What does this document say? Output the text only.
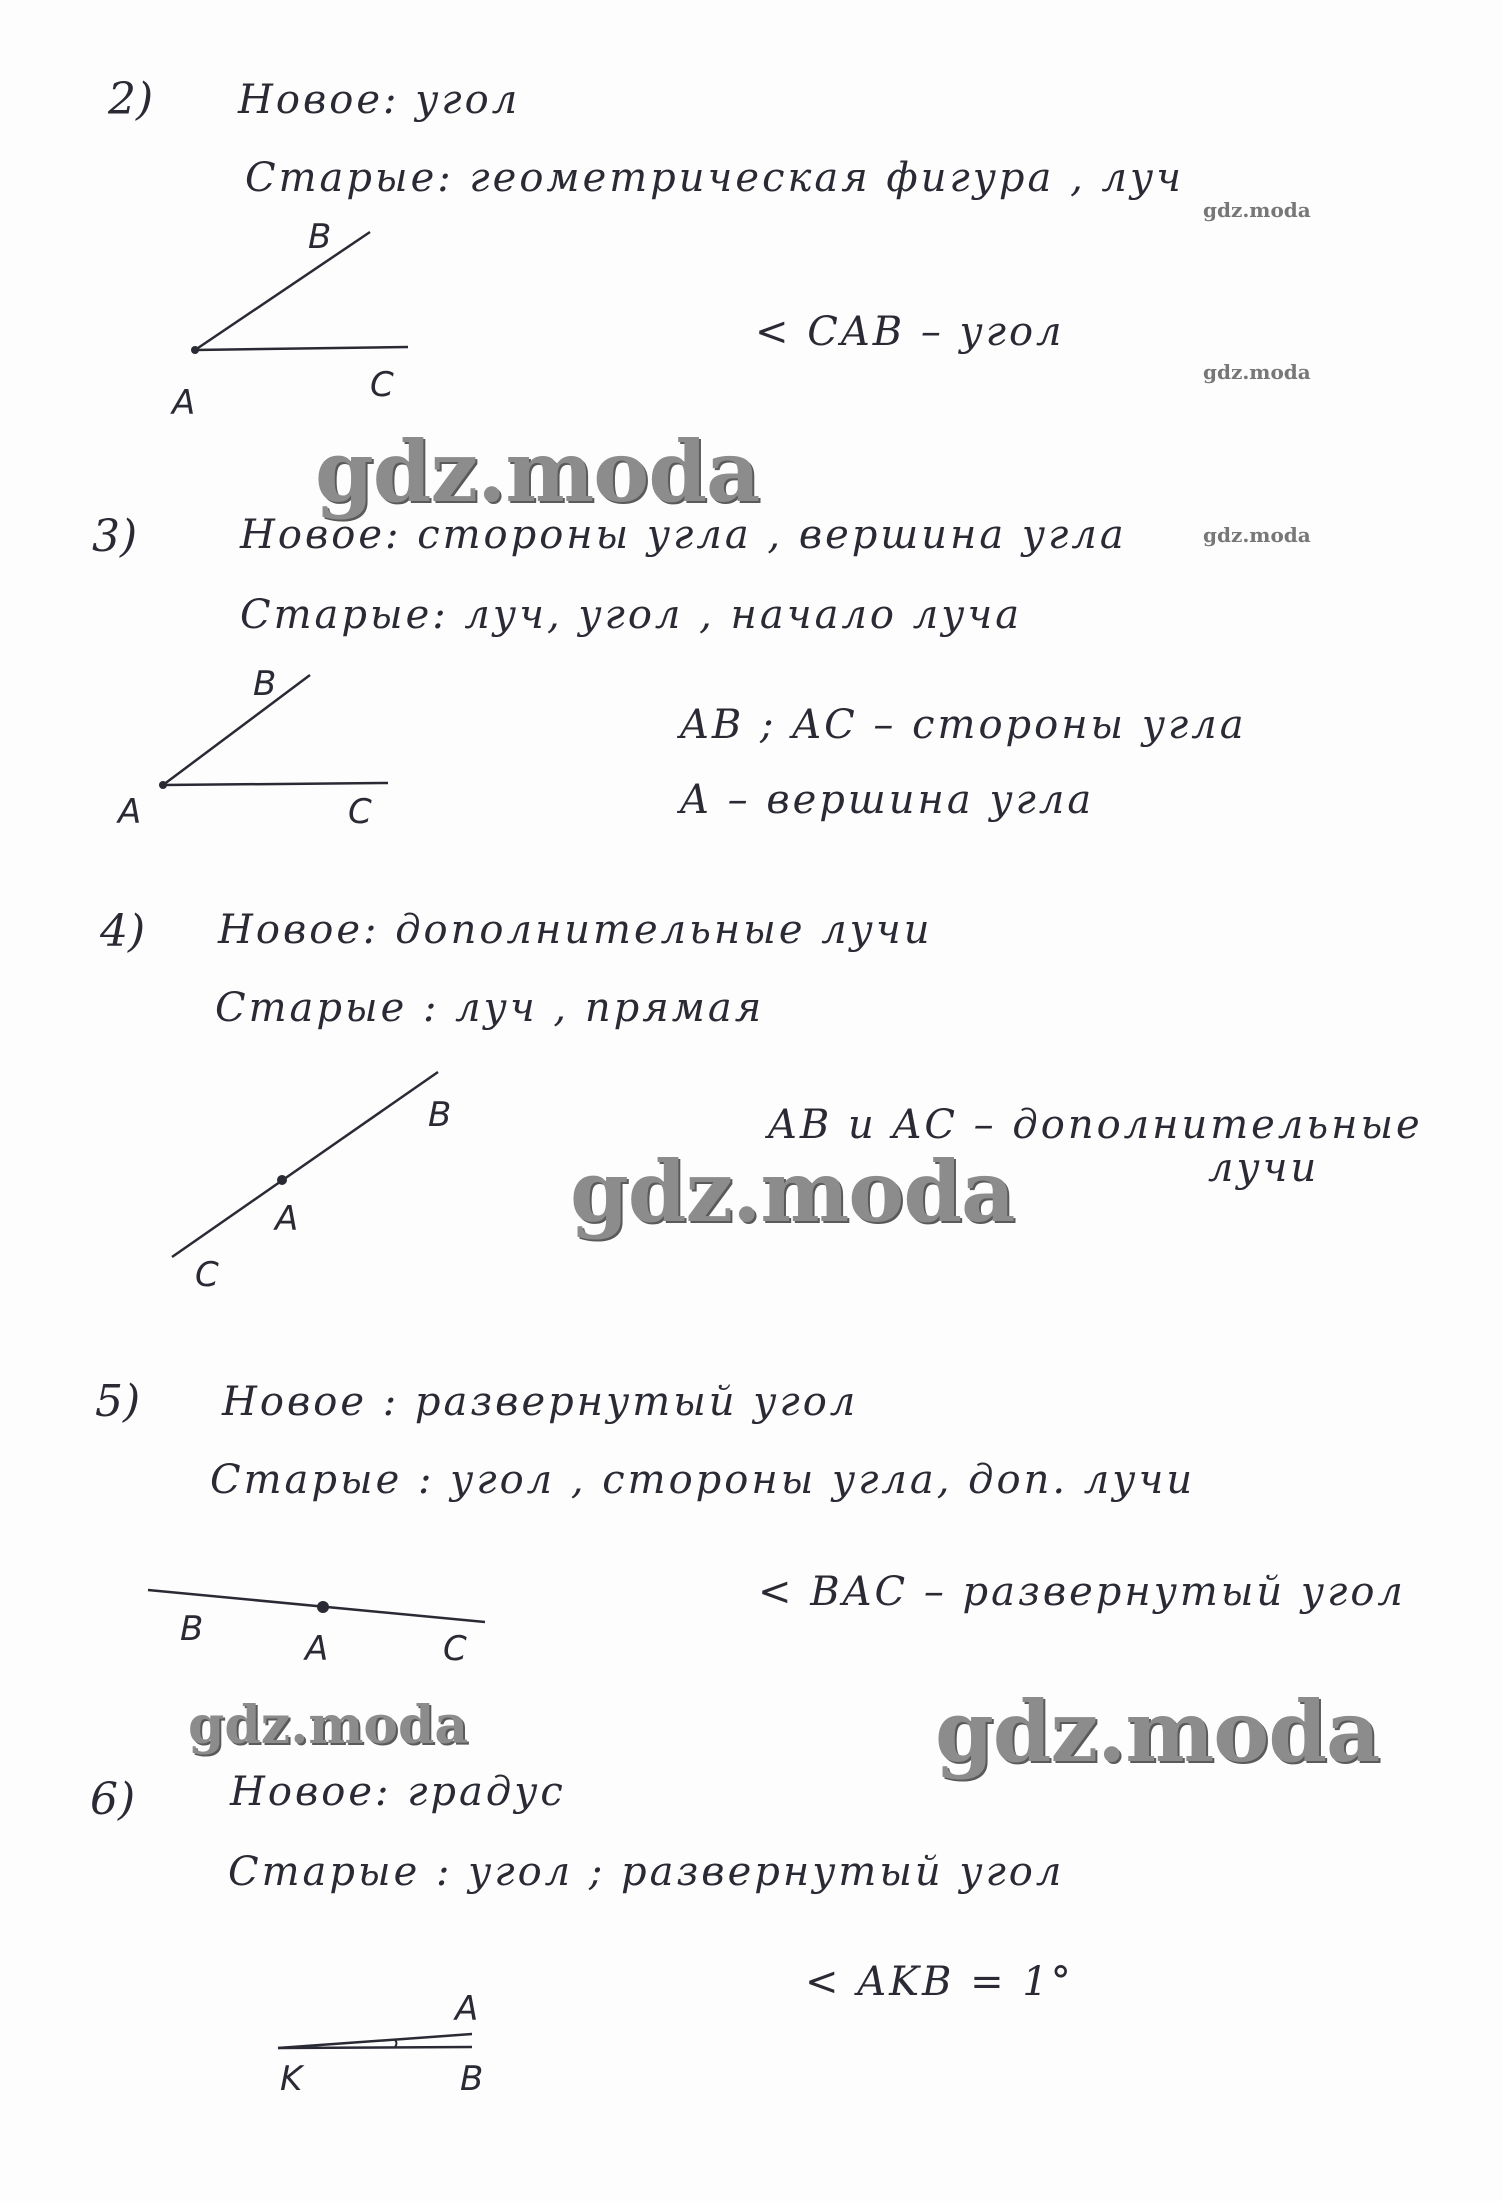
2) Новое: угол
Старые: геометрическая фигура , луч
< CAB – угол
B
A	C
3)	Новое: стороны угла , вершина угла
Старые: луч, угол , начало луча
AB ; AC – стороны угла
A – вершина угла
B
A	C
gdz.moda
4) Новое: дополнительные лучи
Старые : луч , прямая
AB и AC – дополнительные
лучи
B
A
C
gdz.moda
5) Новое : развернутый угол
Старые : угол , стороны угла, доп. лучи
< BAC – развернутый угол
B	A	C
gdz.moda	gdz.moda
6) Новое: градус
Старые : угол ; развернутый угол
< AKB = 1°
A
K	B
gdz.moda
gdz.moda
gdz.moda
